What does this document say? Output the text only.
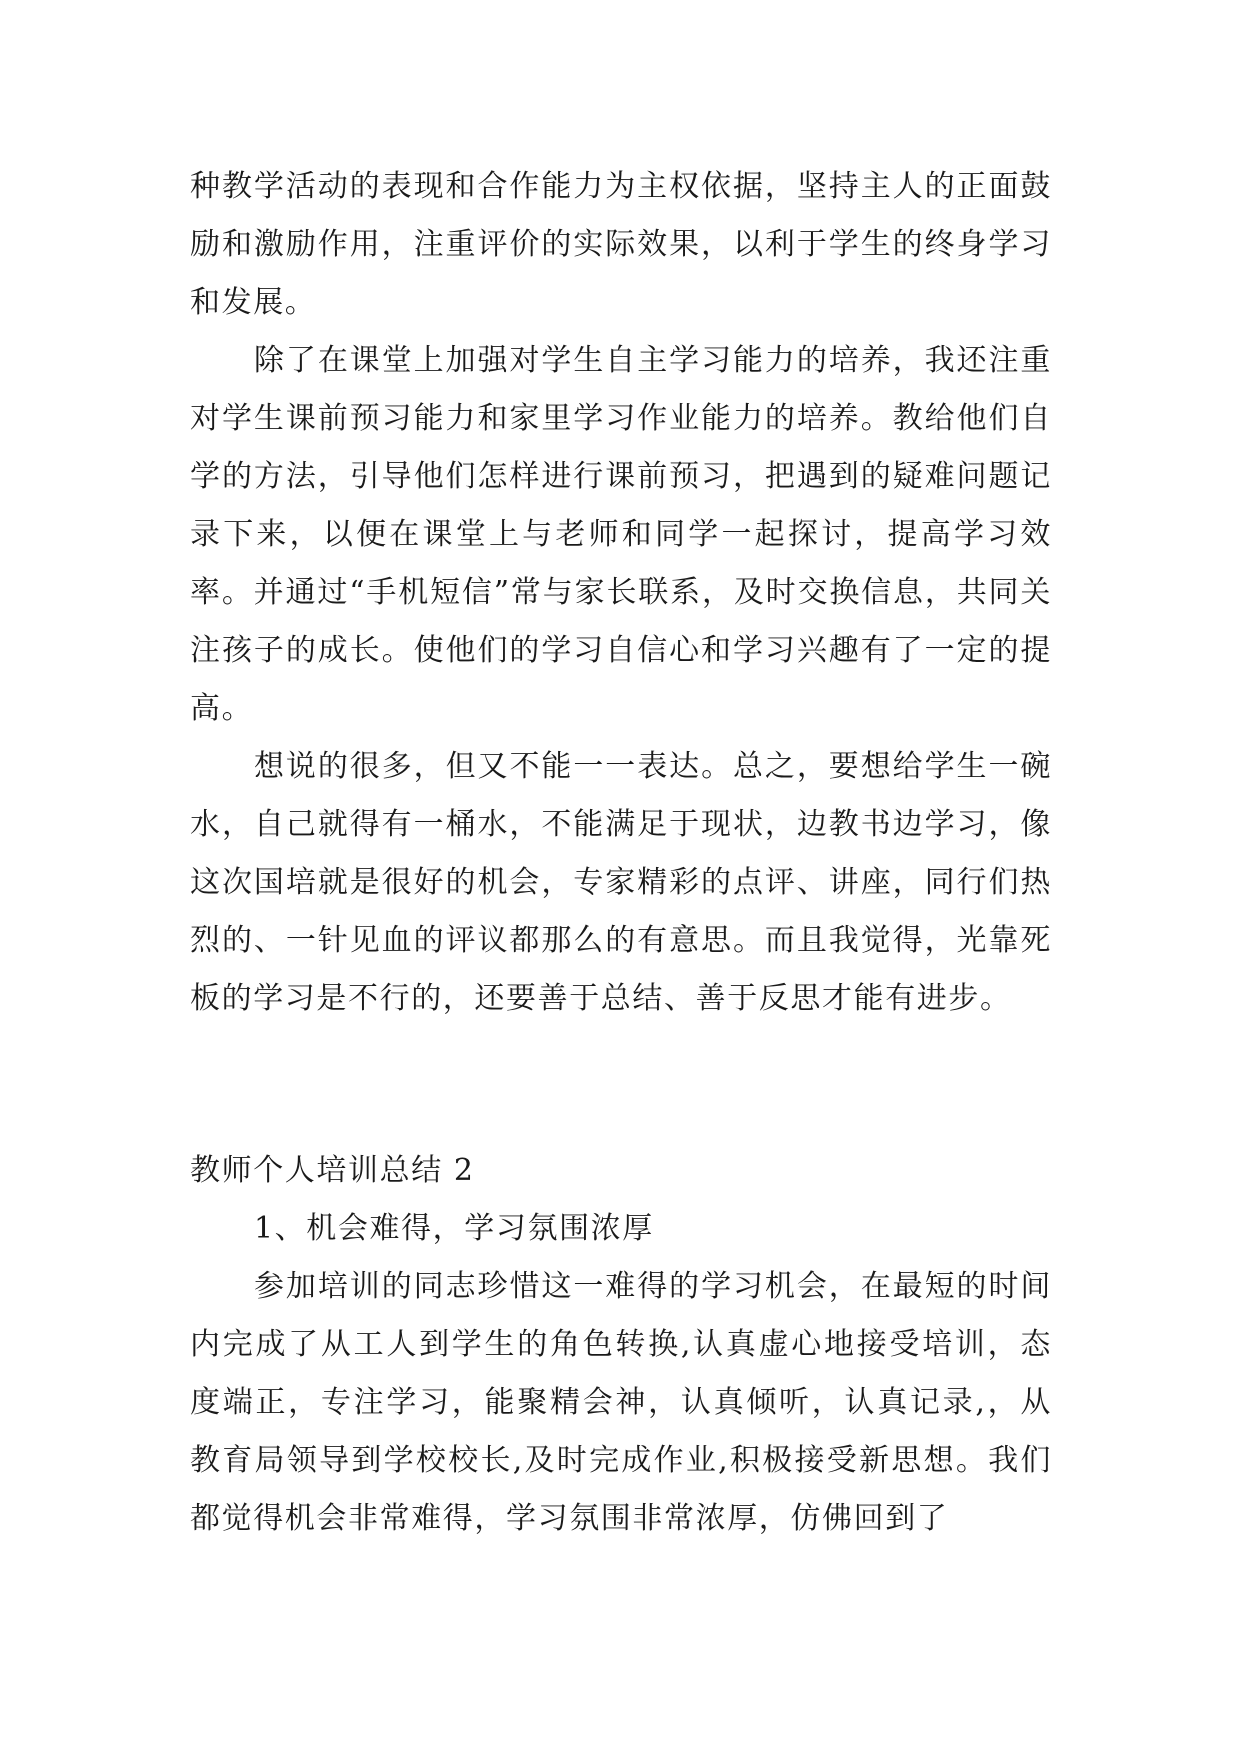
种教学活动的表现和合作能力为主权依据，坚持主人的正面鼓励和激励作用，注重评价的实际效果，以利于学生的终身学习和发展。

除了在课堂上加强对学生自主学习能力的培养，我还注重对学生课前预习能力和家里学习作业能力的培养。教给他们自学的方法，引导他们怎样进行课前预习，把遇到的疑难问题记录下来，以便在课堂上与老师和同学一起探讨，提高学习效率。并通过“手机短信”常与家长联系，及时交换信息，共同关注孩子的成长。使他们的学习自信心和学习兴趣有了一定的提高。

想说的很多，但又不能一一表达。总之，要想给学生一碗水，自己就得有一桶水，不能满足于现状，边教书边学习，像这次国培就是很好的机会，专家精彩的点评、讲座，同行们热烈的、一针见血的评议都那么的有意思。而且我觉得，光靠死板的学习是不行的，还要善于总结、善于反思才能有进步。

教师个人培训总结 2

1、机会难得，学习氛围浓厚

参加培训的同志珍惜这一难得的学习机会，在最短的时间内完成了从工人到学生的角色转换,认真虚心地接受培训，态度端正，专注学习，能聚精会神，认真倾听，认真记录,，从教育局领导到学校校长,及时完成作业,积极接受新思想。我们都觉得机会非常难得，学习氛围非常浓厚，仿佛回到了
